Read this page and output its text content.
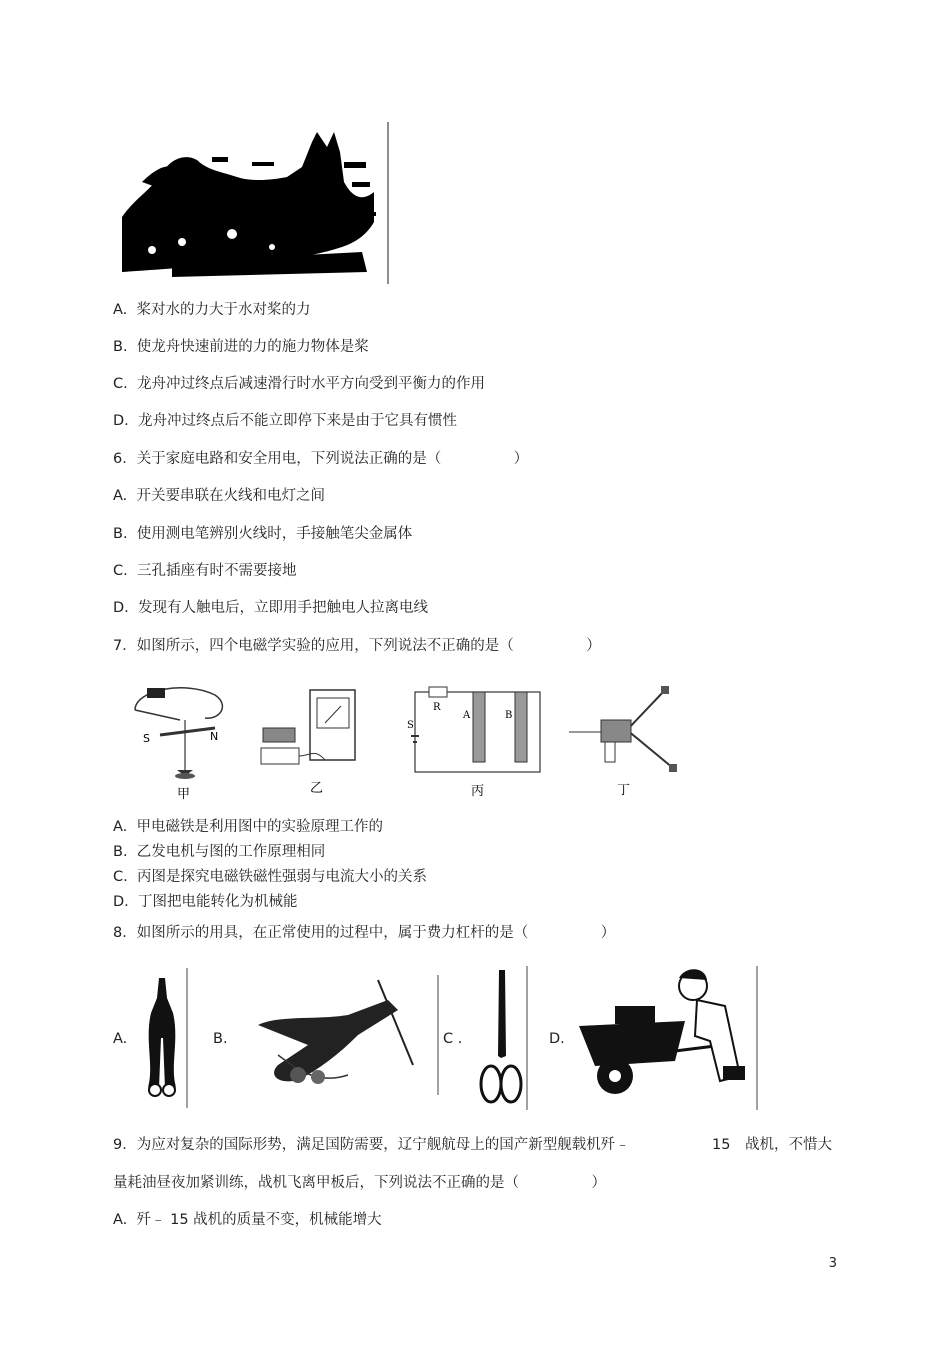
A. 桨对水的力大于水对桨的力
B. 使龙舟快速前进的力的施力物体是桨
C. 龙舟冲过终点后减速滑行时水平方向受到平衡力的作用
D. 龙舟冲过终点后不能立即停下来是由于它具有惯性
6．关于家庭电路和安全用电，下列说法正确的是（　　　　　）
A. 开关要串联在火线和电灯之间
B. 使用测电笔辨别火线时，手接触笔尖金属体
C. 三孔插座有时不需要接地
D. 发现有人触电后，立即用手把触电人拉离电线
7．如图所示，四个电磁学实验的应用，下列说法不正确的是（　　　　　）
S	N
甲	乙
R
S
A	B
丙	丁
A. 甲电磁铁是利用图中的实验原理工作的
B. 乙发电机与图的工作原理相同
C. 丙图是探究电磁铁磁性强弱与电流大小的关系
D. 丁图把电能转化为机械能
8．如图所示的用具，在正常使用的过程中，属于费力杠杆的是（　　　　　）
A.	B.	C .	D.
9．为应对复杂的国际形势，满足国防需要，辽宁舰航母上的国产新型舰载机歼﹣	15　战机，不惜大
量耗油昼夜加紧训练，战机飞离甲板后，下列说法不正确的是（　　　　　）
A. 歼﹣ 15 战机的质量不变，机械能增大
3
